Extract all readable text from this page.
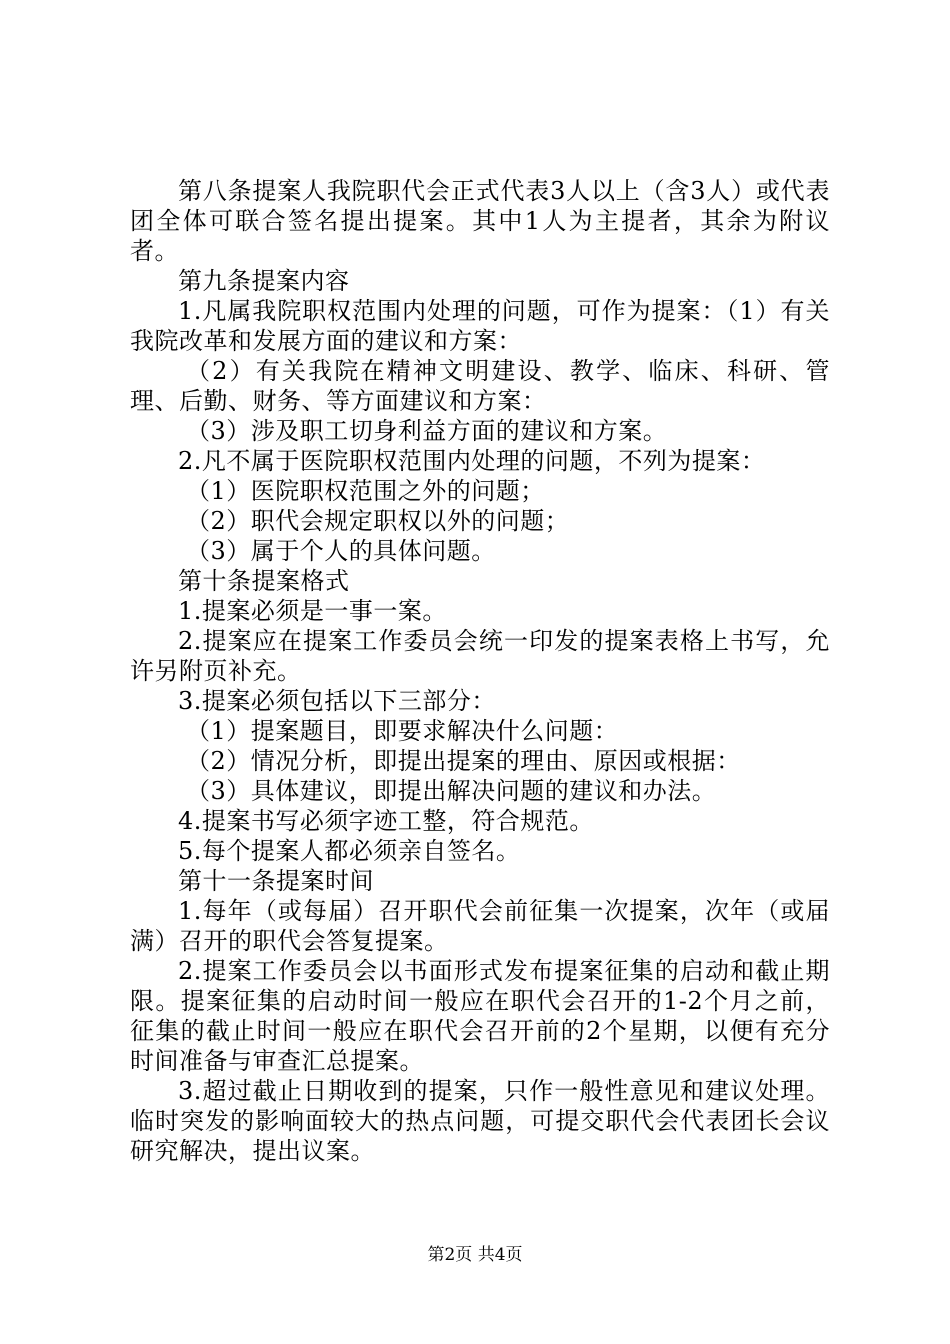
第八条提案人我院职代会正式代表3人以上（含3人）或代表团全体可联合签名提出提案。其中1人为主提者，其余为附议者。

第九条提案内容

1.凡属我院职权范围内处理的问题，可作为提案：（1）有关我院改革和发展方面的建议和方案：

（2）有关我院在精神文明建设、教学、临床、科研、管理、后勤、财务、等方面建议和方案：

（3）涉及职工切身利益方面的建议和方案。

2.凡不属于医院职权范围内处理的问题，不列为提案：

（1）医院职权范围之外的问题；

（2）职代会规定职权以外的问题；

（3）属于个人的具体问题。

第十条提案格式

1.提案必须是一事一案。

2.提案应在提案工作委员会统一印发的提案表格上书写，允许另附页补充。

3.提案必须包括以下三部分：

（1）提案题目，即要求解决什么问题：

（2）情况分析，即提出提案的理由、原因或根据：

（3）具体建议，即提出解决问题的建议和办法。

4.提案书写必须字迹工整，符合规范。

5.每个提案人都必须亲自签名。

第十一条提案时间

1.每年（或每届）召开职代会前征集一次提案，次年（或届满）召开的职代会答复提案。

2.提案工作委员会以书面形式发布提案征集的启动和截止期限。提案征集的启动时间一般应在职代会召开的1-2个月之前，征集的截止时间一般应在职代会召开前的2个星期，以便有充分时间准备与审查汇总提案。

3.超过截止日期收到的提案，只作一般性意见和建议处理。临时突发的影响面较大的热点问题，可提交职代会代表团长会议研究解决，提出议案。

第2页 共4页
